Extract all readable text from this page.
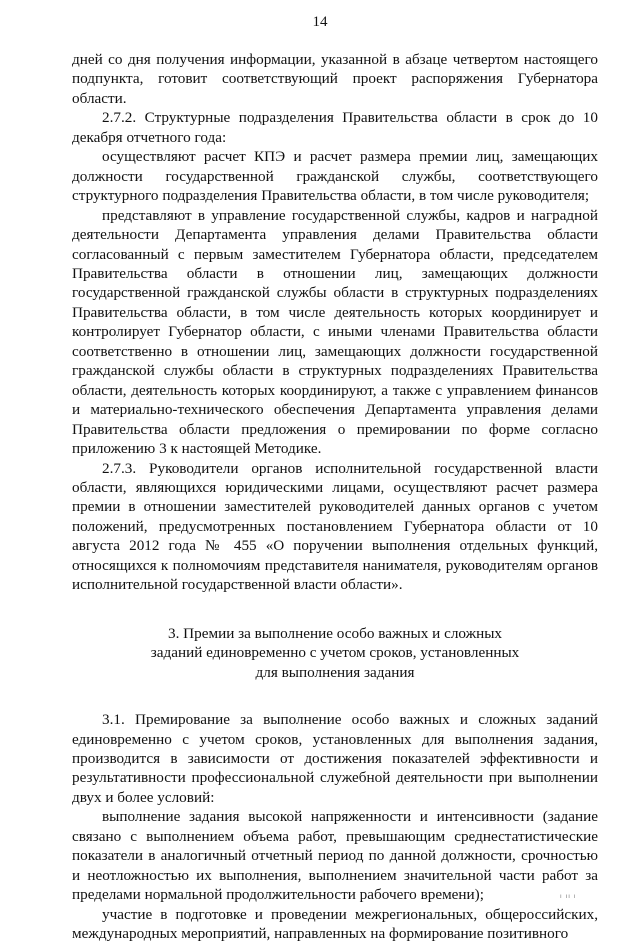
14

дней со дня получения информации, указанной в абзаце четвертом настоящего подпункта, готовит соответствующий проект распоряжения Губернатора области.

2.7.2. Структурные подразделения Правительства области в срок до 10 декабря отчетного года:

осуществляют расчет КПЭ и расчет размера премии лиц, замещающих должности государственной гражданской службы, соответствующего структурного подразделения Правительства области, в том числе руководителя;

представляют в управление государственной службы, кадров и наградной деятельности Департамента управления делами Правительства области согласованный с первым заместителем Губернатора области, председателем Правительства области в отношении лиц, замещающих должности государственной гражданской службы области в структурных подразделениях Правительства области, в том числе деятельность которых координирует и контролирует Губернатор области, с иными членами Правительства области соответственно в отношении лиц, замещающих должности государственной гражданской службы области в структурных подразделениях Правительства области, деятельность которых координируют, а также с управлением финансов и материально-технического обеспечения Департамента управления делами Правительства области предложения о премировании по форме согласно приложению 3 к настоящей Методике.

2.7.3. Руководители органов исполнительной государственной власти области, являющихся юридическими лицами, осуществляют расчет размера премии в отношении заместителей руководителей данных органов с учетом положений, предусмотренных постановлением Губернатора области от 10 августа 2012 года № 455 «О поручении выполнения отдельных функций, относящихся к полномочиям представителя нанимателя, руководителям органов исполнительной государственной власти области».

3. Премии за выполнение особо важных и сложных
заданий единовременно с учетом сроков, установленных
для выполнения задания

3.1. Премирование за выполнение особо важных и сложных заданий единовременно с учетом сроков, установленных для выполнения задания, производится в зависимости от достижения показателей эффективности и результативности профессиональной служебной деятельности при выполнении двух и более условий:

выполнение задания высокой напряженности и интенсивности (задание связано с выполнением объема работ, превышающим среднестатистические показатели в аналогичный отчетный период по данной должности, срочностью и неотложностью их выполнения, выполнением значительной части работ за пределами нормальной продолжительности рабочего времени);

участие в подготовке и проведении межрегиональных, общероссийских, международных мероприятий, направленных на формирование позитивного

ı ıı ı
